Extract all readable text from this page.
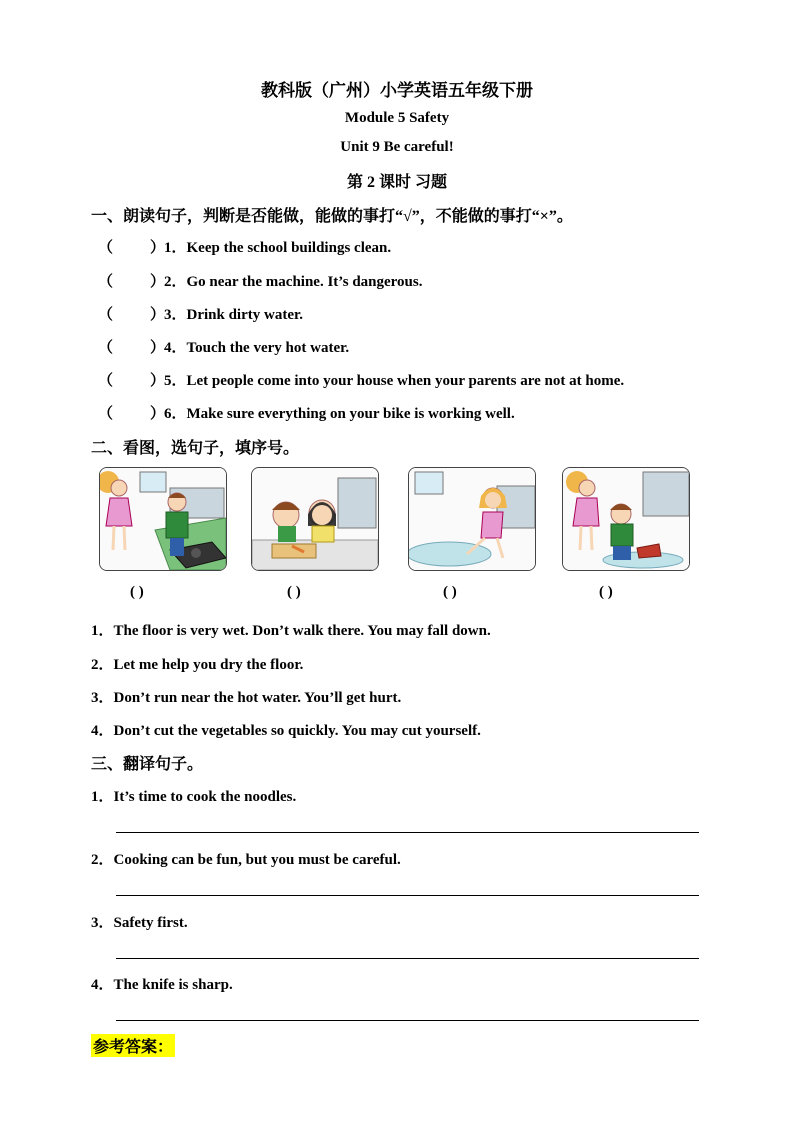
教科版（广州）小学英语五年级下册
Module 5 Safety
Unit 9 Be careful!
第 2 课时 习题
一、朗读句子，判断是否能做，能做的事打“√”，不能做的事打“×”。
（ ）1．Keep the school buildings clean.
（ ）2．Go near the machine. It’s dangerous.
（ ）3．Drink dirty water.
（ ）4．Touch the very hot water.
（ ）5．Let people come into your house when your parents are not at home.
（ ）6．Make sure everything on your bike is working well.
二、看图，选句子，填序号。
( )	( )	( )	( )
1．The floor is very wet. Don’t walk there. You may fall down.
2．Let me help you dry the floor.
3．Don’t run near the hot water. You’ll get hurt.
4．Don’t cut the vegetables so quickly. You may cut yourself.
三、翻译句子。
1．It’s time to cook the noodles.
2．Cooking can be fun, but you must be careful.
3．Safety first.
4．The knife is sharp.
参考答案：
